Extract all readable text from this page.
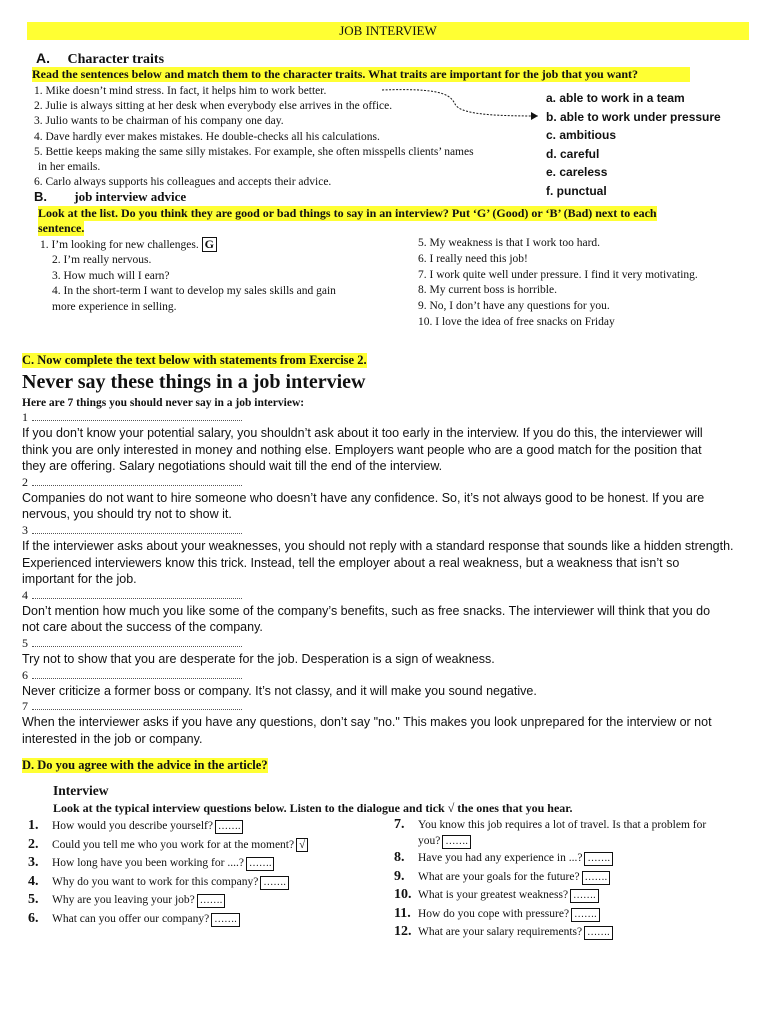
JOB INTERVIEW
A. Character traits
Read the sentences below and match them to the character traits. What traits are important for the job that you want?
1. Mike doesn’t mind stress. In fact, it helps him to work better.
2. Julie is always sitting at her desk when everybody else arrives in the office.
3. Julio wants to be chairman of his company one day.
4. Dave hardly ever makes mistakes. He double-checks all his calculations.
5. Bettie keeps making the same silly mistakes. For example, she often misspells clients’ names
in her emails.
6. Carlo always supports his colleagues and accepts their advice.
a. able to work in a team
b. able to work under pressure
c. ambitious
d. careful
e. careless
f. punctual
B. job interview advice
Look at the list. Do you think they are good or bad things to say in an interview? Put ‘G’ (Good) or ‘B’ (Bad) next to each
sentence.
1. I’m looking for new challenges. G
2. I’m really nervous.
3. How much will I earn?
4. In the short-term I want to develop my sales skills and gain
more experience in selling.
5. My weakness is that I work too hard.
6. I really need this job!
7. I work quite well under pressure. I find it very motivating.
8. My current boss is horrible.
9. No, I don’t have any questions for you.
10. I love the idea of free snacks on Friday
C. Now complete the text below with statements from Exercise 2.
Never say these things in a job interview
Here are 7 things you should never say in a job interview:
1
If you don’t know your potential salary, you shouldn’t ask about it too early in the interview. If you do this, the interviewer will
think you are only interested in money and nothing else. Employers want people who are a good match for the position that
they are offering. Salary negotiations should wait till the end of the interview.
2
Companies do not want to hire someone who doesn’t have any confidence. So, it’s not always good to be honest. If you are
nervous, you should try not to show it.
3
If the interviewer asks about your weaknesses, you should not reply with a standard response that sounds like a hidden strength.
Experienced interviewers know this trick. Instead, tell the employer about a real weakness, but a weakness that isn’t so
important for the job.
4
Don’t mention how much you like some of the company’s benefits, such as free snacks. The interviewer will think that you do
not care about the success of the company.
5
Try not to show that you are desperate for the job. Desperation is a sign of weakness.
6
Never criticize a former boss or company. It’s not classy, and it will make you sound negative.
7
When the interviewer asks if you have any questions, don’t say "no." This makes you look unprepared for the interview or not
interested in the job or company.
D. Do you agree with the advice in the article?
Interview
Look at the typical interview questions below. Listen to the dialogue and tick √ the ones that you hear.
1. How would you describe yourself? …….
2. Could you tell me who you work for at the moment? √
3. How long have you been working for ....? …….
4. Why do you want to work for this company? …….
5. Why are you leaving your job? …….
6. What can you offer our company? …….
7. You know this job requires a lot of travel. Is that a problem for
you? …….
8. Have you had any experience in ...? …….
9. What are your goals for the future? …….
10. What is your greatest weakness? …….
11. How do you cope with pressure? …….
12. What are your salary requirements? …….
